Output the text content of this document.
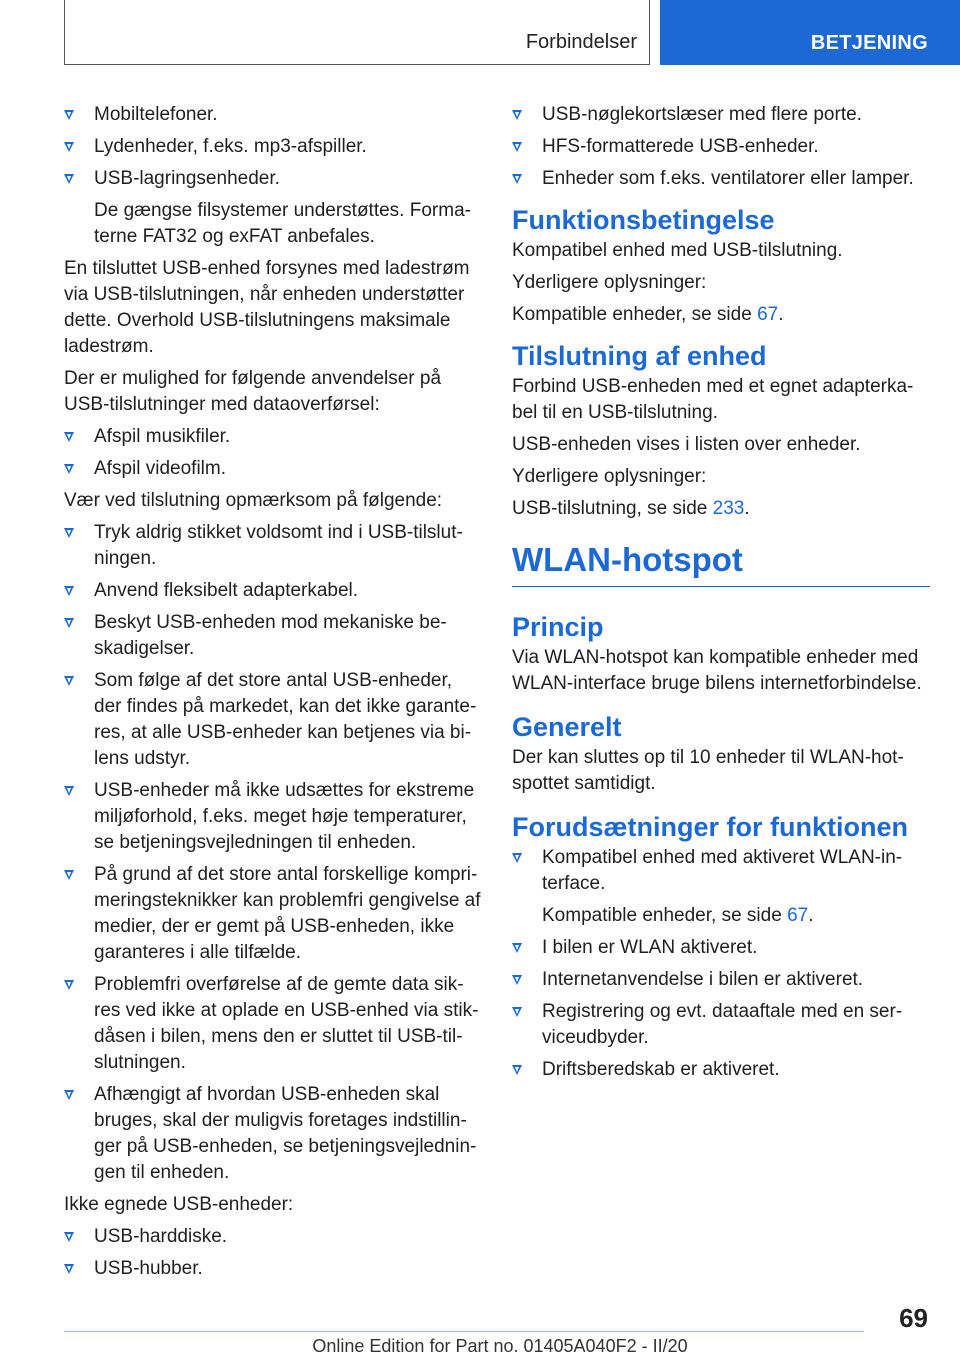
Forbindelser	BETJENING
Mobiltelefoner.
Lydenheder, f.eks. mp3-afspiller.
USB-lagringsenheder.
De gængse filsystemer understøttes. Formaterne FAT32 og exFAT anbefales.
En tilsluttet USB-enhed forsynes med ladestrøm via USB-tilslutningen, når enheden understøtter dette. Overhold USB-tilslutningens maksimale ladestrøm.
Der er mulighed for følgende anvendelser på USB-tilslutninger med dataoverførsel:
Afspil musikfiler.
Afspil videofilm.
Vær ved tilslutning opmærksom på følgende:
Tryk aldrig stikket voldsomt ind i USB-tilslutningen.
Anvend fleksibelt adapterkabel.
Beskyt USB-enheden mod mekaniske beskadigelser.
Som følge af det store antal USB-enheder, der findes på markedet, kan det ikke garanteres, at alle USB-enheder kan betjenes via bilens udstyr.
USB-enheder må ikke udsættes for ekstreme miljøforhold, f.eks. meget høje temperaturer, se betjeningsvejledningen til enheden.
På grund af det store antal forskellige komprimeringsteknikker kan problemfri gengivelse af medier, der er gemt på USB-enheden, ikke garanteres i alle tilfælde.
Problemfri overførelse af de gemte data sikres ved ikke at oplade en USB-enhed via stikdåsen i bilen, mens den er sluttet til USB-tilslutningen.
Afhængigt af hvordan USB-enheden skal bruges, skal der muligvis foretages indstillinger på USB-enheden, se betjeningsvejledningen til enheden.
Ikke egnede USB-enheder:
USB-harddiske.
USB-hubber.
USB-nøglekortslæser med flere porte.
HFS-formatterede USB-enheder.
Enheder som f.eks. ventilatorer eller lamper.
Funktionsbetingelse
Kompatibel enhed med USB-tilslutning.
Yderligere oplysninger:
Kompatible enheder, se side 67.
Tilslutning af enhed
Forbind USB-enheden med et egnet adapterkabel til en USB-tilslutning.
USB-enheden vises i listen over enheder.
Yderligere oplysninger:
USB-tilslutning, se side 233.
WLAN-hotspot
Princip
Via WLAN-hotspot kan kompatible enheder med WLAN-interface bruge bilens internetforbindelse.
Generelt
Der kan sluttes op til 10 enheder til WLAN-hotspottet samtidigt.
Forudsætninger for funktionen
Kompatibel enhed med aktiveret WLAN-interface.
Kompatible enheder, se side 67.
I bilen er WLAN aktiveret.
Internetanvendelse i bilen er aktiveret.
Registrering og evt. dataaftale med en serviceudbyder.
Driftsberedskab er aktiveret.
69
Online Edition for Part no. 01405A040F2 - II/20
